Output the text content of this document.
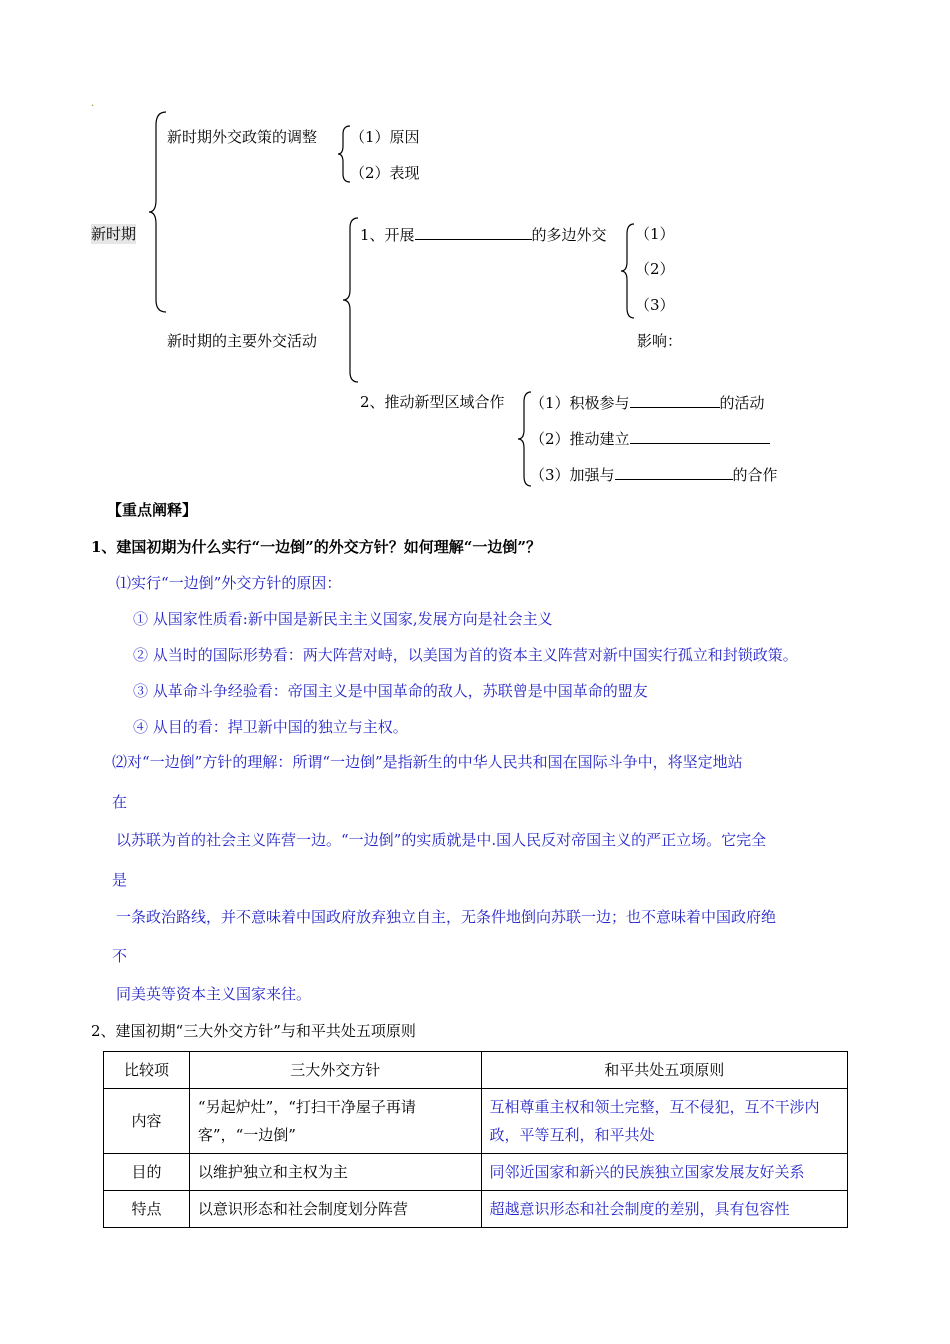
.
新时期
新时期外交政策的调整 （1）原因
（2）表现
新时期的主要外交活动
1、开展	的多边外交 （1）
（2）
（3）
影响：
2、推动新型区域合作 （1）积极参与	的活动
（2）推动建立
（3）加强与	的合作
【重点阐释】
1、建国初期为什么实行“一边倒”的外交方针？如何理解“一边倒”？
⑴实行“一边倒”外交方针的原因：
① 从国家性质看:新中国是新民主主义国家,发展方向是社会主义
② 从当时的国际形势看：两大阵营对峙，以美国为首的资本主义阵营对新中国实行孤立和封锁政策。
③ 从革命斗争经验看：帝国主义是中国革命的敌人，苏联曾是中国革命的盟友
④ 从目的看：捍卫新中国的独立与主权。
⑵对“一边倒”方针的理解：所谓“一边倒”是指新生的中华人民共和国在国际斗争中，将坚定地站
在
以苏联为首的社会主义阵营一边。“一边倒”的实质就是中.国人民反对帝国主义的严正立场。它完全
是
一条政治路线，并不意味着中国政府放弃独立自主，无条件地倒向苏联一边；也不意味着中国政府绝
不
同美英等资本主义国家来往。
2、建国初期“三大外交方针”与和平共处五项原则
比较项	三大外交方针	和平共处五项原则
内容	“另起炉灶”，“打扫干净屋子再请客”，“一边倒”	互相尊重主权和领土完整，互不侵犯，互不干涉内政，平等互利，和平共处
目的	以维护独立和主权为主	同邻近国家和新兴的民族独立国家发展友好关系
特点	以意识形态和社会制度划分阵营	超越意识形态和社会制度的差别，具有包容性
